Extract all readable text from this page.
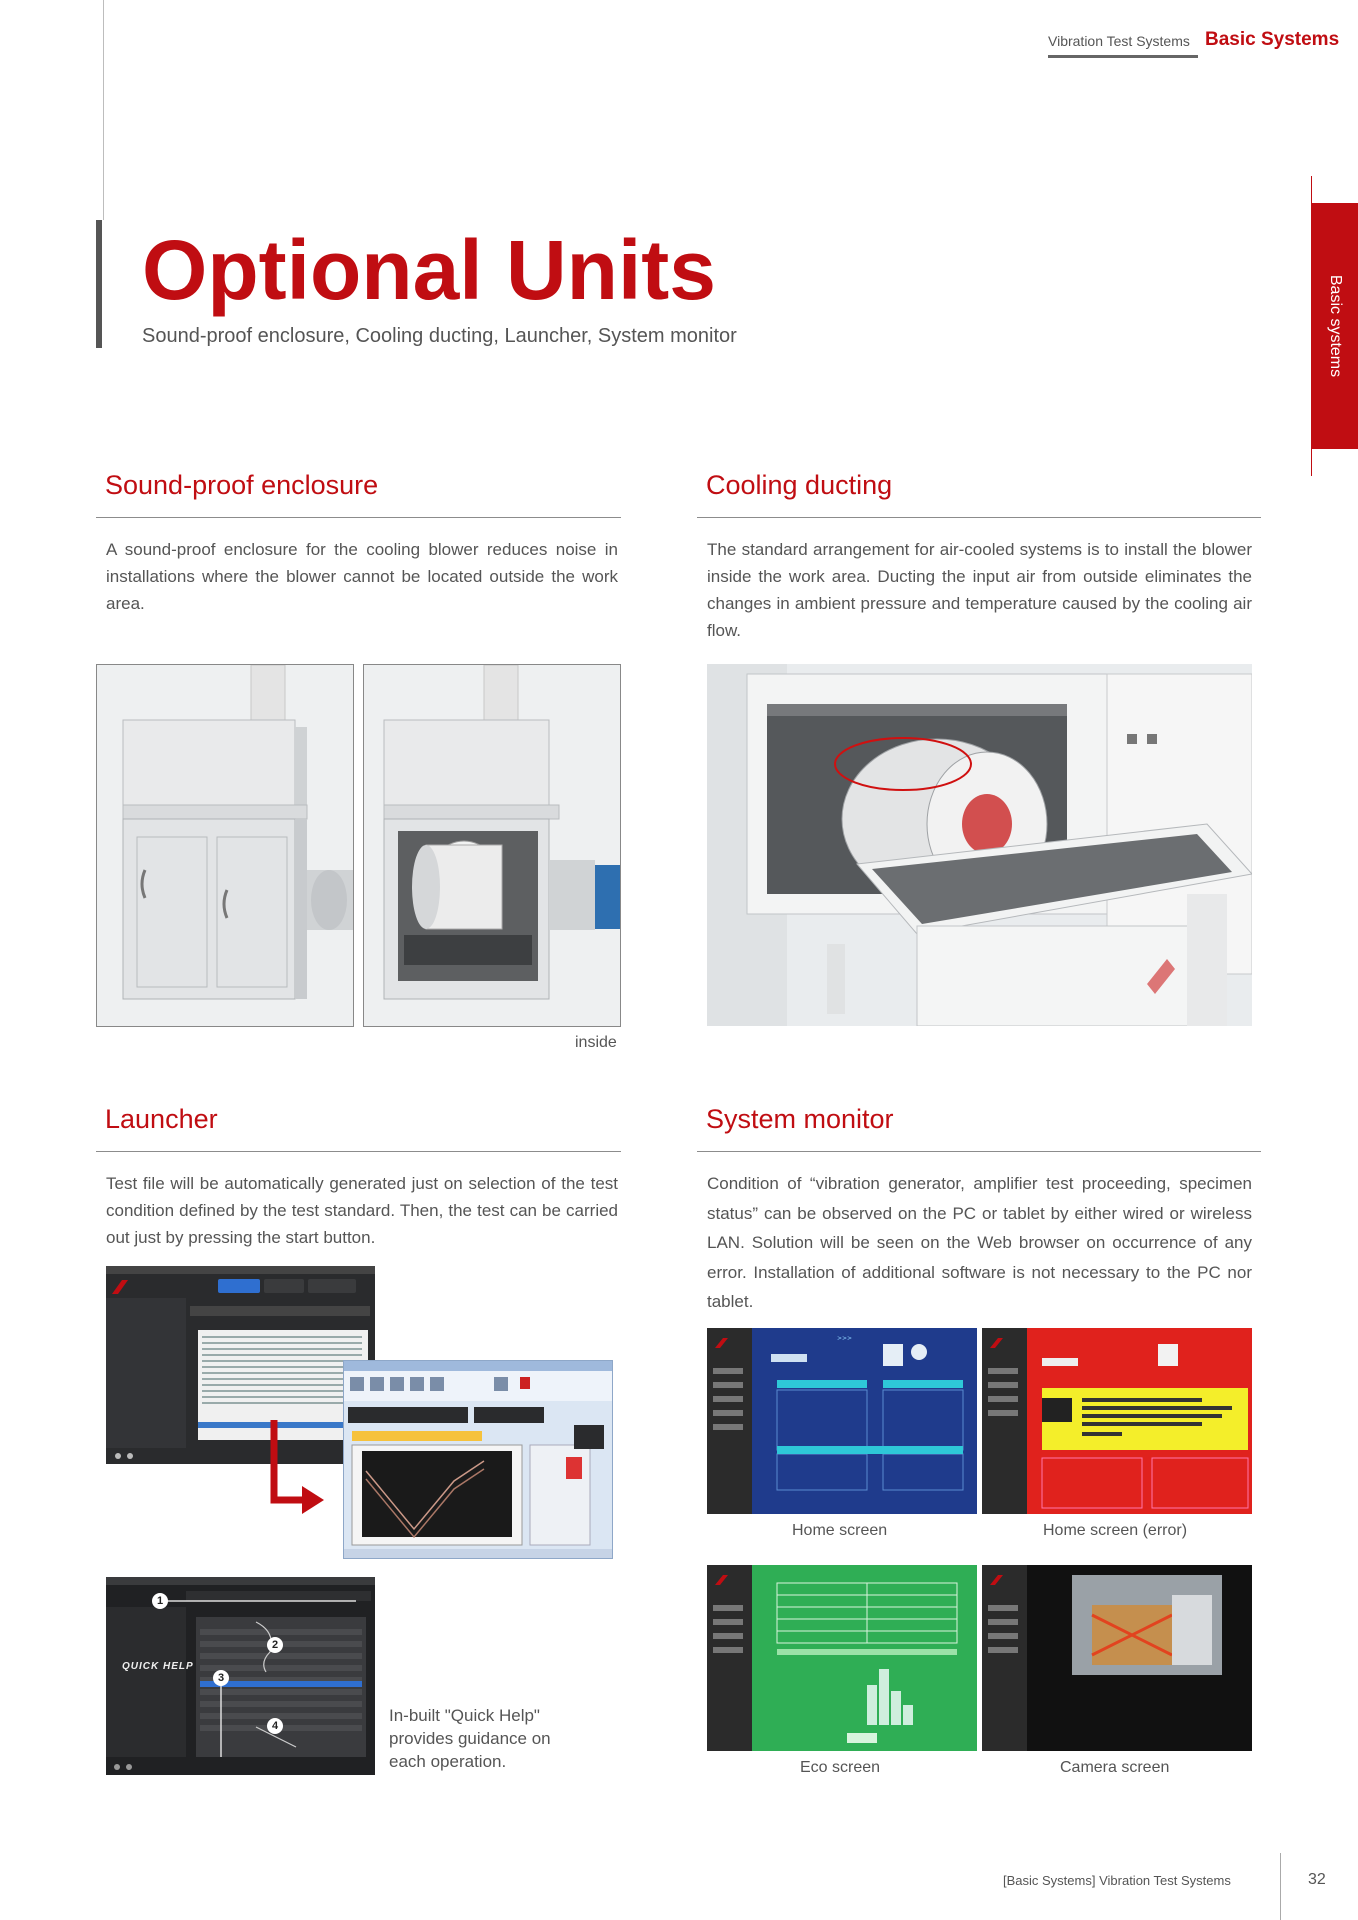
Vibration Test Systems Basic Systems
Basic systems
Optional Units
Sound-proof enclosure, Cooling ducting, Launcher, System monitor
Sound-proof enclosure
A sound-proof enclosure for the cooling blower reduces noise in installations where the blower cannot be located outside the work area.
inside
Cooling ducting
The standard arrangement for air-cooled systems is to install the blower inside the work area. Ducting the input air from outside eliminates the changes in ambient pressure and temperature caused by the cooling air flow.
Launcher
Test file will be automatically generated just on selection of the test condition defined by the test standard. Then, the test can be carried out just by pressing the start button.
QUICK HELP
1
2
3
4
In-built "Quick Help" provides guidance on each operation.
System monitor
Condition of “vibration generator, amplifier test proceeding, specimen status” can be observed on the PC or tablet by either wired or wireless LAN. Solution will be seen on the Web browser on occurrence of any error. Installation of additional software is not necessary to the PC nor tablet.
>>>
Home screen	Home screen (error)
Eco screen	Camera screen
[Basic Systems] Vibration Test Systems	32
